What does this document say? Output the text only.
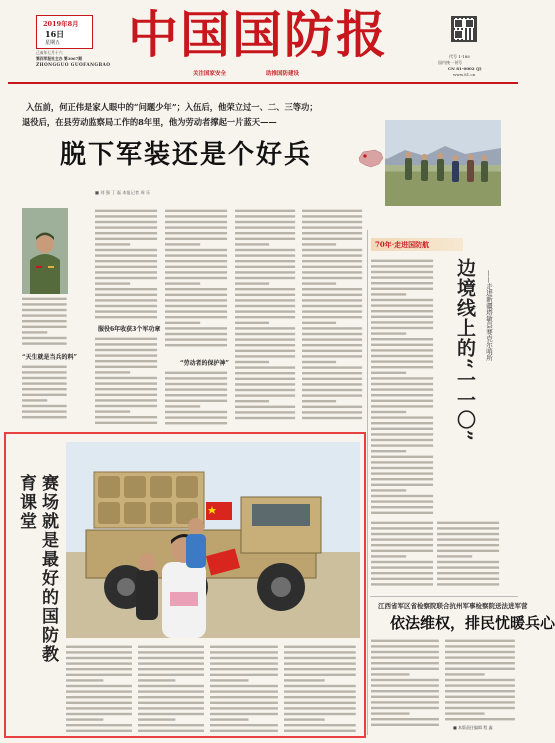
2019年8月
16日
星期五
己亥年七月十六
第四军报社主办 第3067期
ZHONGGUO GUOFANGBAO
中国国防报	代号 1-188
国内统一刊号
CN 81-0002 (J)
www.81.cn
关注国家安全	助推国防建设
入伍前，何正伟是家人眼中的“问题少年”；入伍后，他荣立过一、二、三等功；
退役后，在县劳动监察局工作的8年里，他为劳动者撑起一片蓝天——
脱下军装还是个好兵
■ 刘 强 丁 磊 本报记者 周 乐
“天生就是当兵的料”
服役6年收获3个军功章
“劳动者的保护神”
70年·走进国防航
边境线上的“一一〇” ——走进新疆塔敏县赛克尔哨所
赛场就是最好的国防教育课堂
江西省军区省检察院联合抗州军事检察院送法进军营
依法维权，排民忧暖兵心
■ 本版责任编辑 程 鑫
